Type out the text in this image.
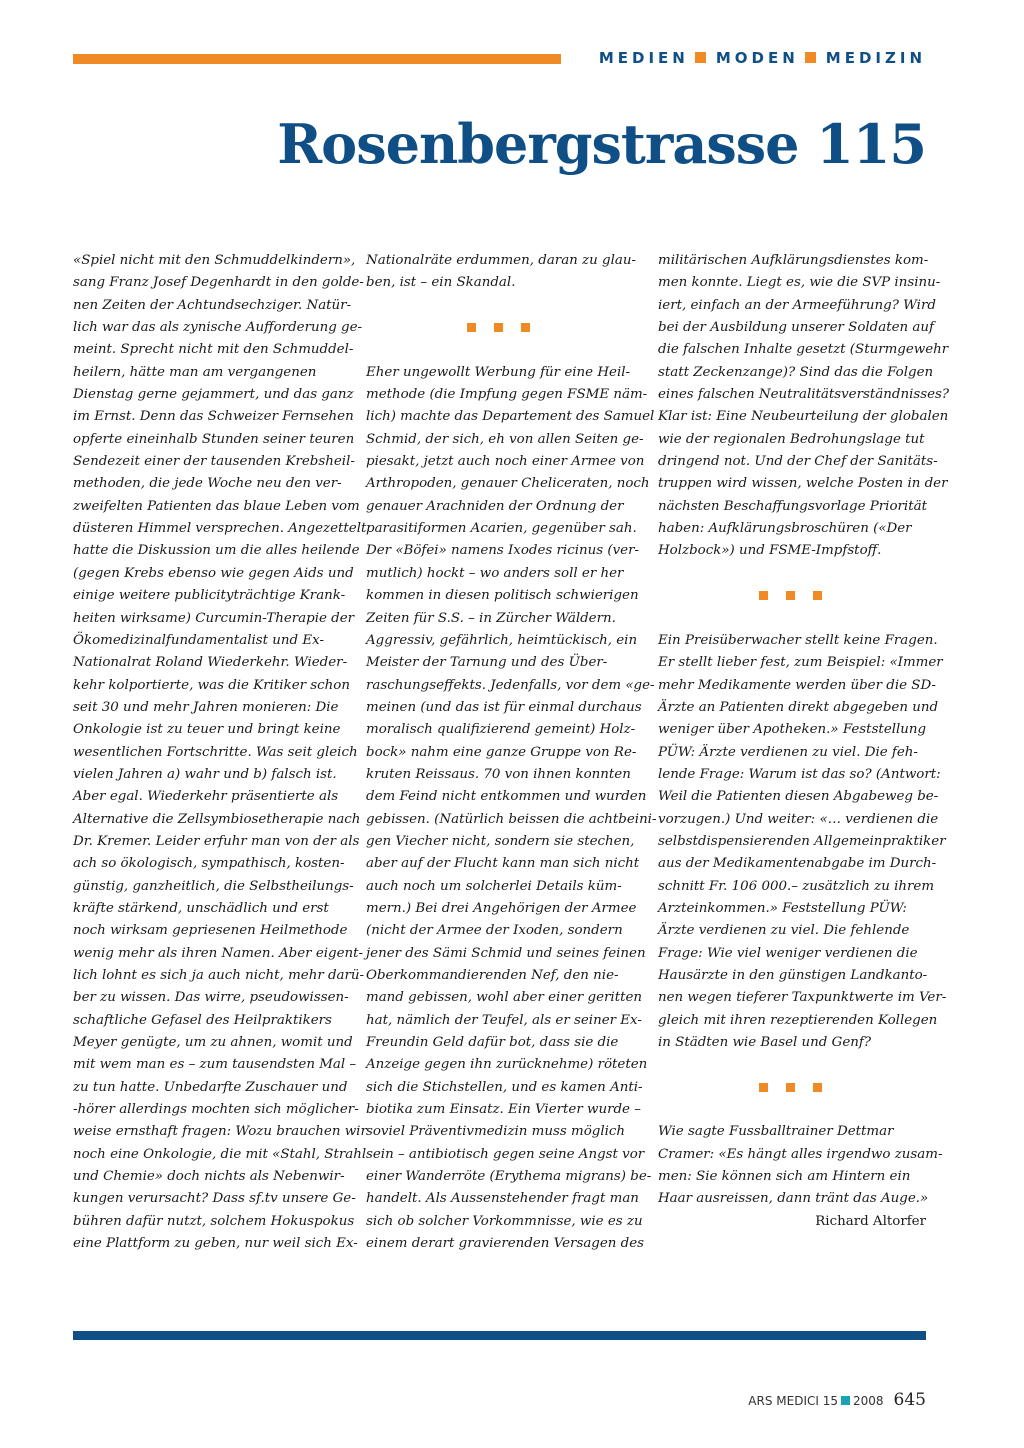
MEDIEN MODEN MEDIZIN
Rosenbergstrasse 115

«Spiel nicht mit den Schmuddelkindern»,

sang Franz Josef Degenhardt in den golde-

nen Zeiten der Achtundsechziger. Natür-

lich war das als zynische Aufforderung ge-

meint. Sprecht nicht mit den Schmuddel-

heilern, hätte man am vergangenen

Dienstag gerne gejammert, und das ganz

im Ernst. Denn das Schweizer Fernsehen

opferte eineinhalb Stunden seiner teuren

Sendezeit einer der tausenden Krebsheil-

methoden, die jede Woche neu den ver-

zweifelten Patienten das blaue Leben vom

düsteren Himmel versprechen. Angezettelt

hatte die Diskussion um die alles heilende

(gegen Krebs ebenso wie gegen Aids und

einige weitere publicityträchtige Krank-

heiten wirksame) Curcumin-Therapie der

Ökomedizinalfundamentalist und Ex-

Nationalrat Roland Wiederkehr. Wieder-

kehr kolportierte, was die Kritiker schon

seit 30 und mehr Jahren monieren: Die

Onkologie ist zu teuer und bringt keine

wesentlichen Fortschritte. Was seit gleich

vielen Jahren a) wahr und b) falsch ist.

Aber egal. Wiederkehr präsentierte als

Alternative die Zellsymbiosetherapie nach

Dr. Kremer. Leider erfuhr man von der als

ach so ökologisch, sympathisch, kosten-

günstig, ganzheitlich, die Selbstheilungs-

kräfte stärkend, unschädlich und erst

noch wirksam gepriesenen Heilmethode

wenig mehr als ihren Namen. Aber eigent-

lich lohnt es sich ja auch nicht, mehr darü-

ber zu wissen. Das wirre, pseudowissen-

schaftliche Gefasel des Heilpraktikers

Meyer genügte, um zu ahnen, womit und

mit wem man es – zum tausendsten Mal –

zu tun hatte. Unbedarfte Zuschauer und

-hörer allerdings mochten sich möglicher-

weise ernsthaft fragen: Wozu brauchen wir

noch eine Onkologie, die mit «Stahl, Strahl

und Chemie» doch nichts als Nebenwir-

kungen verursacht? Dass sf.tv unsere Ge-

bühren dafür nutzt, solchem Hokuspokus

eine Plattform zu geben, nur weil sich Ex-

Nationalräte erdummen, daran zu glau-

ben, ist – ein Skandal.

Eher ungewollt Werbung für eine Heil-

methode (die Impfung gegen FSME näm-

lich) machte das Departement des Samuel

Schmid, der sich, eh von allen Seiten ge-

piesakt, jetzt auch noch einer Armee von

Arthropoden, genauer Cheliceraten, noch

genauer Arachniden der Ordnung der

parasitiformen Acarien, gegenüber sah.

Der «Böfei» namens Ixodes ricinus (ver-

mutlich) hockt – wo anders soll er her

kommen in diesen politisch schwierigen

Zeiten für S.S. – in Zürcher Wäldern.

Aggressiv, gefährlich, heimtückisch, ein

Meister der Tarnung und des Über-

raschungseffekts. Jedenfalls, vor dem «ge-

meinen (und das ist für einmal durchaus

moralisch qualifizierend gemeint) Holz-

bock» nahm eine ganze Gruppe von Re-

kruten Reissaus. 70 von ihnen konnten

dem Feind nicht entkommen und wurden

gebissen. (Natürlich beissen die achtbeini-

gen Viecher nicht, sondern sie stechen,

aber auf der Flucht kann man sich nicht

auch noch um solcherlei Details küm-

mern.) Bei drei Angehörigen der Armee

(nicht der Armee der Ixoden, sondern

jener des Sämi Schmid und seines feinen

Oberkommandierenden Nef, den nie-

mand gebissen, wohl aber einer geritten

hat, nämlich der Teufel, als er seiner Ex-

Freundin Geld dafür bot, dass sie die

Anzeige gegen ihn zurücknehme) röteten

sich die Stichstellen, und es kamen Anti-

biotika zum Einsatz. Ein Vierter wurde –

soviel Präventivmedizin muss möglich

sein – antibiotisch gegen seine Angst vor

einer Wanderröte (Erythema migrans) be-

handelt. Als Aussenstehender fragt man

sich ob solcher Vorkommnisse, wie es zu

einem derart gravierenden Versagen des

militärischen Aufklärungsdienstes kom-

men konnte. Liegt es, wie die SVP insinu-

iert, einfach an der Armeeführung? Wird

bei der Ausbildung unserer Soldaten auf

die falschen Inhalte gesetzt (Sturmgewehr

statt Zeckenzange)? Sind das die Folgen

eines falschen Neutralitätsverständnisses?

Klar ist: Eine Neubeurteilung der globalen

wie der regionalen Bedrohungslage tut

dringend not. Und der Chef der Sanitäts-

truppen wird wissen, welche Posten in der

nächsten Beschaffungsvorlage Priorität

haben: Aufklärungsbroschüren («Der

Holzbock») und FSME-Impfstoff.

Ein Preisüberwacher stellt keine Fragen.

Er stellt lieber fest, zum Beispiel: «Immer

mehr Medikamente werden über die SD-

Ärzte an Patienten direkt abgegeben und

weniger über Apotheken.» Feststellung

PÜW: Ärzte verdienen zu viel. Die feh-

lende Frage: Warum ist das so? (Antwort:

Weil die Patienten diesen Abgabeweg be-

vorzugen.) Und weiter: «… verdienen die

selbstdispensierenden Allgemeinpraktiker

aus der Medikamentenabgabe im Durch-

schnitt Fr. 106 000.– zusätzlich zu ihrem

Arzteinkommen.» Feststellung PÜW:

Ärzte verdienen zu viel. Die fehlende

Frage: Wie viel weniger verdienen die

Hausärzte in den günstigen Landkanto-

nen wegen tieferer Taxpunktwerte im Ver-

gleich mit ihren rezeptierenden Kollegen

in Städten wie Basel und Genf?

Wie sagte Fussballtrainer Dettmar

Cramer: «Es hängt alles irgendwo zusam-

men: Sie können sich am Hintern ein

Haar ausreissen, dann tränt das Auge.»

Richard Altorfer

ARS MEDICI 15 2008 645
